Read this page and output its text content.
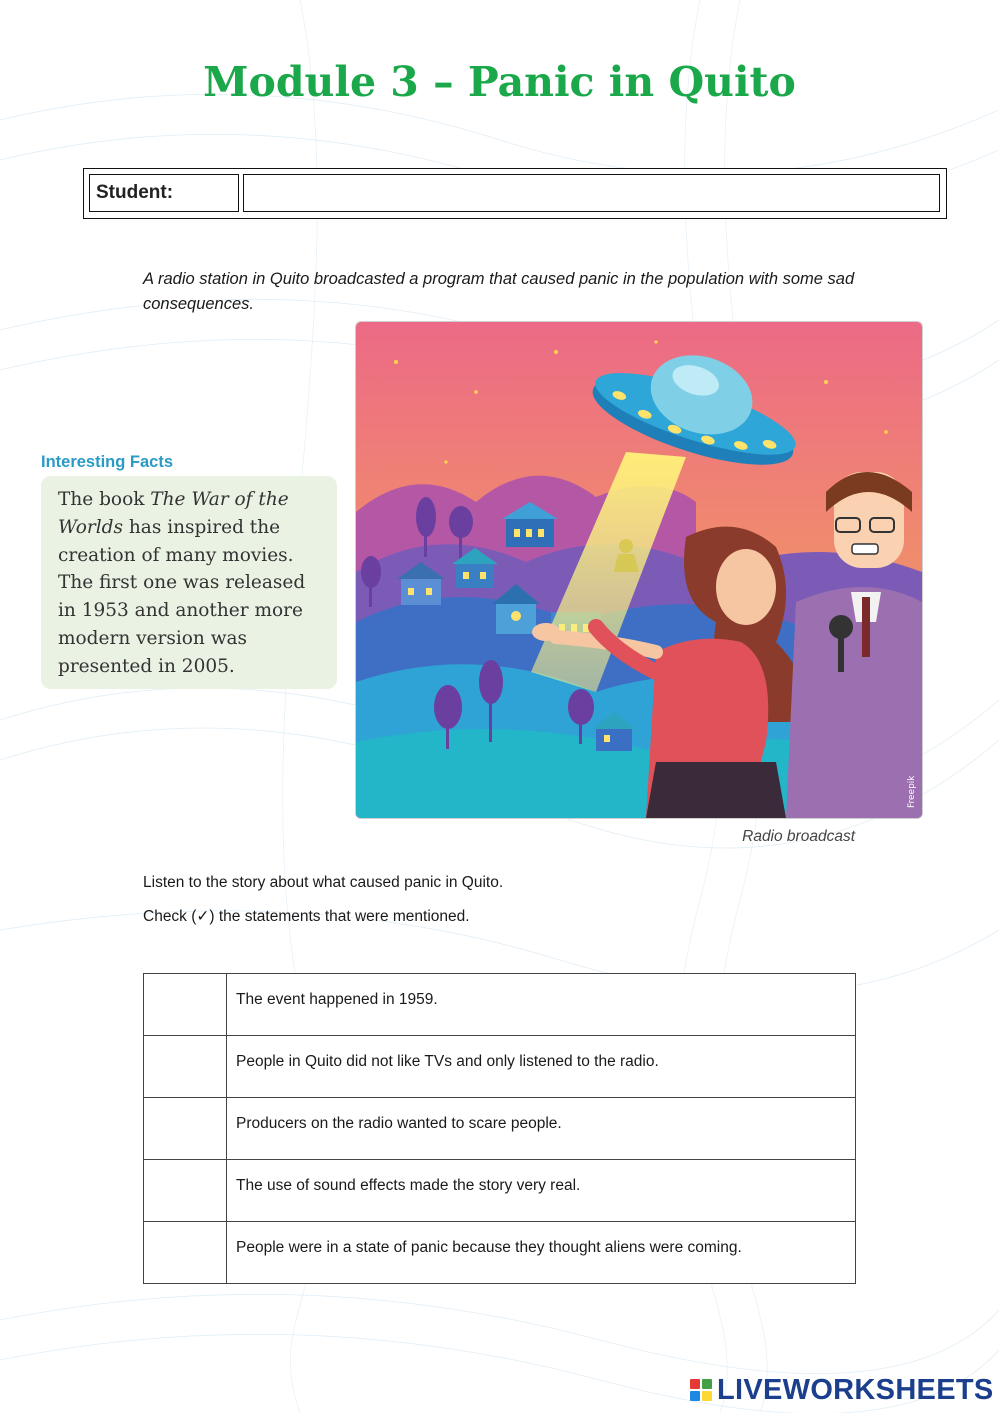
Module 3 – Panic in Quito
Student:

A radio station in Quito broadcasted a program that caused panic in the population with some sad consequences.

Interesting Facts
The book The War of the Worlds has inspired the creation of many movies. The first one was released in 1953 and another more modern version was presented in 2005.
Freepik
Radio broadcast
Listen to the story about what caused panic in Quito.
Check (✓) the statements that were mentioned.

	The event happened in 1959.

	People in Quito did not like TVs and only listened to the radio.

	Producers on the radio wanted to scare people.

	The use of sound effects made the story very real.

	People were in a state of panic because they thought aliens were coming.
LIVEWORKSHEETS
